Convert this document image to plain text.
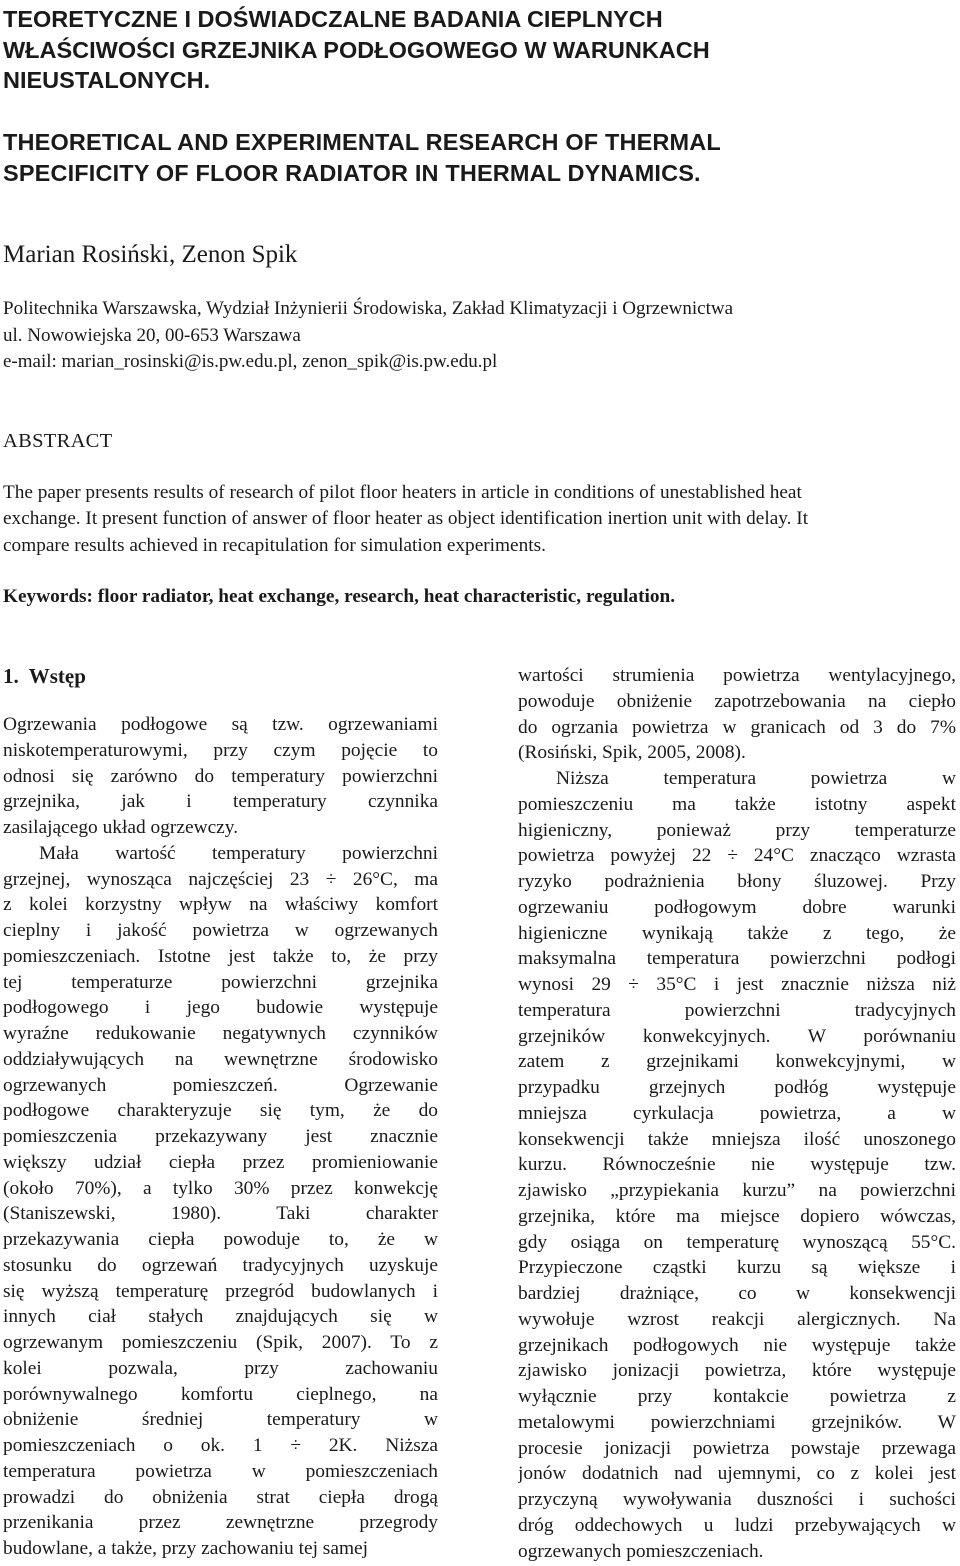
TEORETYCZNE I DOŚWIADCZALNE BADANIA CIEPLNYCH
WŁAŚCIWOŚCI GRZEJNIKA PODŁOGOWEGO W WARUNKACH
NIEUSTALONYCH.
THEORETICAL AND EXPERIMENTAL RESEARCH OF THERMAL
SPECIFICITY OF FLOOR RADIATOR IN THERMAL DYNAMICS.
Marian Rosiński, Zenon Spik
Politechnika Warszawska, Wydział Inżynierii Środowiska, Zakład Klimatyzacji i Ogrzewnictwa
ul. Nowowiejska 20, 00-653 Warszawa
e-mail: marian_rosinski@is.pw.edu.pl, zenon_spik@is.pw.edu.pl
ABSTRACT
The paper presents results of research of pilot floor heaters in article in conditions of unestablished heat
exchange. It present function of answer of floor heater as object identification inertion unit with delay. It
compare results achieved in recapitulation for simulation experiments.
Keywords: floor radiator, heat exchange, research, heat characteristic, regulation.
1. Wstęp
Ogrzewania podłogowe są tzw. ogrzewaniami
niskotemperaturowymi, przy czym pojęcie to
odnosi się zarówno do temperatury powierzchni
grzejnika, jak i temperatury czynnika
zasilającego układ ogrzewczy.
Mała wartość temperatury powierzchni
grzejnej, wynosząca najczęściej 23 ÷ 26°C, ma
z kolei korzystny wpływ na właściwy komfort
cieplny i jakość powietrza w ogrzewanych
pomieszczeniach. Istotne jest także to, że przy
tej temperaturze powierzchni grzejnika
podłogowego i jego budowie występuje
wyraźne redukowanie negatywnych czynników
oddziaływujących na wewnętrzne środowisko
ogrzewanych pomieszczeń. Ogrzewanie
podłogowe charakteryzuje się tym, że do
pomieszczenia przekazywany jest znacznie
większy udział ciepła przez promieniowanie
(około 70%), a tylko 30% przez konwekcję
(Staniszewski, 1980). Taki charakter
przekazywania ciepła powoduje to, że w
stosunku do ogrzewań tradycyjnych uzyskuje
się wyższą temperaturę przegród budowlanych i
innych ciał stałych znajdujących się w
ogrzewanym pomieszczeniu (Spik, 2007). To z
kolei pozwala, przy zachowaniu
porównywalnego komfortu cieplnego, na
obniżenie średniej temperatury w
pomieszczeniach o ok. 1 ÷ 2K. Niższa
temperatura powietrza w pomieszczeniach
prowadzi do obniżenia strat ciepła drogą
przenikania przez zewnętrzne przegrody
budowlane, a także, przy zachowaniu tej samej
wartości strumienia powietrza wentylacyjnego,
powoduje obniżenie zapotrzebowania na ciepło
do ogrzania powietrza w granicach od 3 do 7%
(Rosiński, Spik, 2005, 2008).
Niższa temperatura powietrza w
pomieszczeniu ma także istotny aspekt
higieniczny, ponieważ przy temperaturze
powietrza powyżej 22 ÷ 24°C znacząco wzrasta
ryzyko podrażnienia błony śluzowej. Przy
ogrzewaniu podłogowym dobre warunki
higieniczne wynikają także z tego, że
maksymalna temperatura powierzchni podłogi
wynosi 29 ÷ 35°C i jest znacznie niższa niż
temperatura powierzchni tradycyjnych
grzejników konwekcyjnych. W porównaniu
zatem z grzejnikami konwekcyjnymi, w
przypadku grzejnych podłóg występuje
mniejsza cyrkulacja powietrza, a w
konsekwencji także mniejsza ilość unoszonego
kurzu. Równocześnie nie występuje tzw.
zjawisko „przypiekania kurzu” na powierzchni
grzejnika, które ma miejsce dopiero wówczas,
gdy osiąga on temperaturę wynoszącą 55°C.
Przypieczone cząstki kurzu są większe i
bardziej drażniące, co w konsekwencji
wywołuje wzrost reakcji alergicznych. Na
grzejnikach podłogowych nie występuje także
zjawisko jonizacji powietrza, które występuje
wyłącznie przy kontakcie powietrza z
metalowymi powierzchniami grzejników. W
procesie jonizacji powietrza powstaje przewaga
jonów dodatnich nad ujemnymi, co z kolei jest
przyczyną wywoływania duszności i suchości
dróg oddechowych u ludzi przebywających w
ogrzewanych pomieszczeniach.
